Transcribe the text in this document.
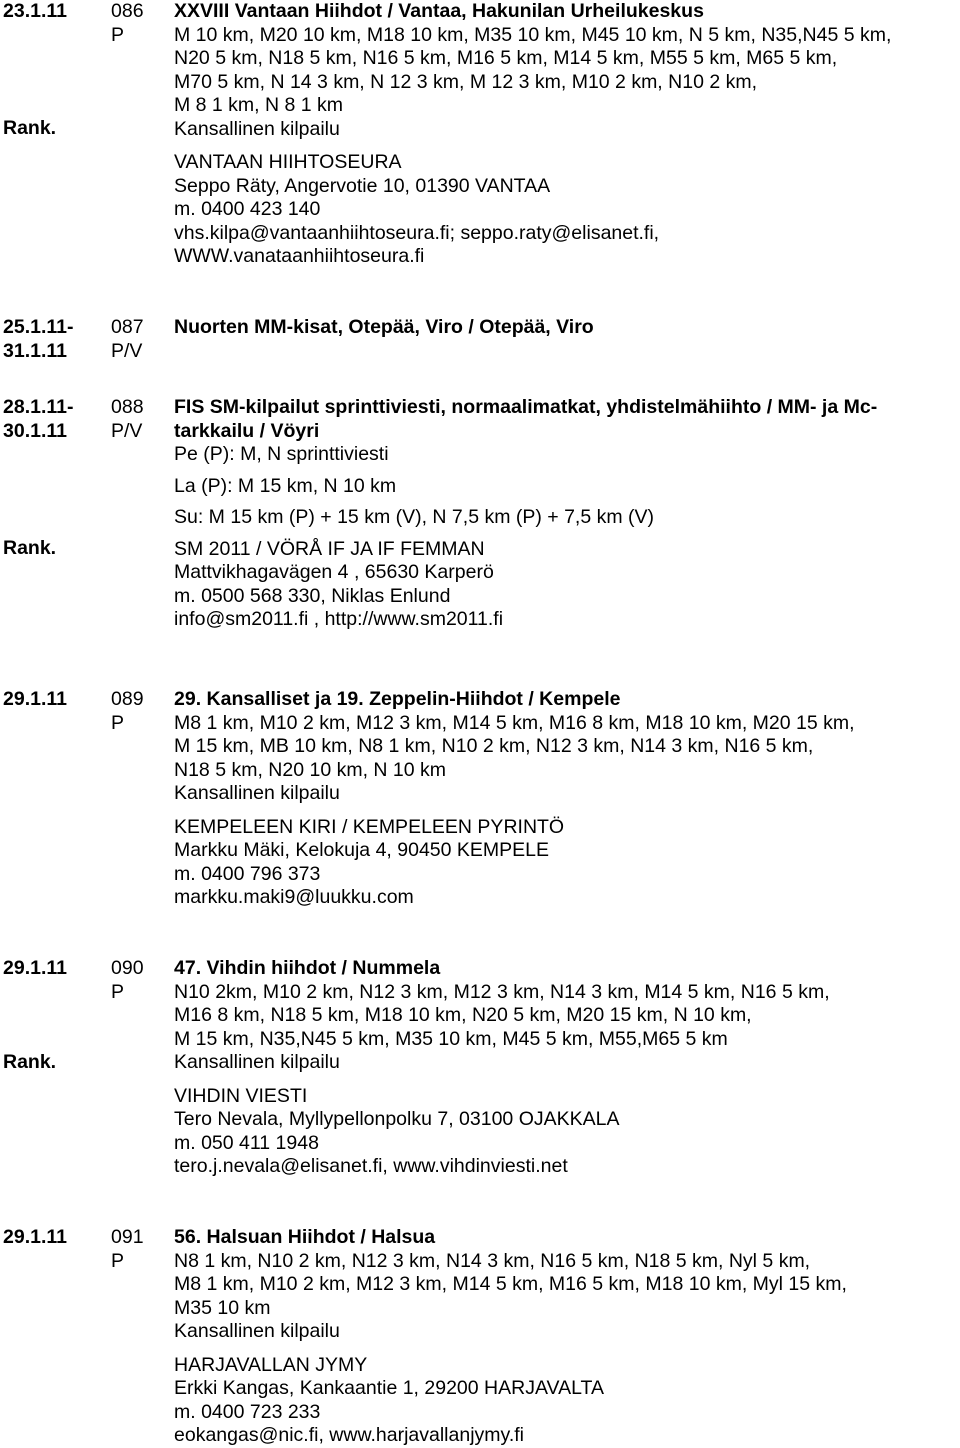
23.1.11 086
P
Rank.
XXVIII Vantaan Hiihdot / Vantaa, Hakunilan Urheilukeskus
M 10 km, M20 10 km, M18 10 km, M35 10 km, M45 10 km, N 5 km, N35,N45 5 km,
N20 5 km, N18 5 km, N16 5 km, M16 5 km, M14 5 km, M55 5 km, M65 5 km,
M70 5 km, N 14 3 km, N 12 3 km, M 12 3 km, M10 2 km, N10 2 km,
M 8 1 km, N 8 1 km
Kansallinen kilpailu
VANTAAN HIIHTOSEURA
Seppo Räty, Angervotie 10, 01390 VANTAA
m. 0400 423 140
vhs.kilpa@vantaanhiihtoseura.fi; seppo.raty@elisanet.fi,
WWW.vanataanhiihtoseura.fi
25.1.11-
31.1.11
087
P/V
Nuorten MM-kisat, Otepää, Viro / Otepää, Viro
28.1.11-
30.1.11
088
P/V
Rank.
FIS SM-kilpailut sprinttiviesti, normaalimatkat, yhdistelmähiihto / MM- ja Mc-
tarkkailu / Vöyri
Pe (P): M, N sprinttiviesti
La (P): M 15 km, N 10 km
Su: M 15 km (P) + 15 km (V), N 7,5 km (P) + 7,5 km (V)
SM 2011 / VÖRÅ IF JA IF FEMMAN
Mattvikhagavägen 4 , 65630 Karperö
m. 0500 568 330, Niklas Enlund
info@sm2011.fi , http://www.sm2011.fi
29.1.11 089
P
29. Kansalliset ja 19. Zeppelin-Hiihdot / Kempele
M8 1 km, M10 2 km, M12 3 km, M14 5 km, M16 8 km, M18 10 km, M20 15 km,
M 15 km, MB 10 km, N8 1 km, N10 2 km, N12 3 km, N14 3 km, N16 5 km,
N18 5 km, N20 10 km, N 10 km
Kansallinen kilpailu
KEMPELEEN KIRI / KEMPELEEN PYRINTÖ
Markku Mäki, Kelokuja 4, 90450 KEMPELE
m. 0400 796 373
markku.maki9@luukku.com
29.1.11 090
P
Rank.
47. Vihdin hiihdot / Nummela
N10 2km, M10 2 km, N12 3 km, M12 3 km, N14 3 km, M14 5 km, N16 5 km,
M16 8 km, N18 5 km, M18 10 km, N20 5 km, M20 15 km, N 10 km,
M 15 km, N35,N45 5 km, M35 10 km, M45 5 km, M55,M65 5 km
Kansallinen kilpailu
VIHDIN VIESTI
Tero Nevala, Myllypellonpolku 7, 03100 OJAKKALA
m. 050 411 1948
tero.j.nevala@elisanet.fi, www.vihdinviesti.net
29.1.11 091
P
56. Halsuan Hiihdot / Halsua
N8 1 km, N10 2 km, N12 3 km, N14 3 km, N16 5 km, N18 5 km, Nyl 5 km,
M8 1 km, M10 2 km, M12 3 km, M14 5 km, M16 5 km, M18 10 km, Myl 15 km,
M35 10 km
Kansallinen kilpailu
HARJAVALLAN JYMY
Erkki Kangas, Kankaantie 1, 29200 HARJAVALTA
m. 0400 723 233
eokangas@nic.fi, www.harjavallanjymy.fi
